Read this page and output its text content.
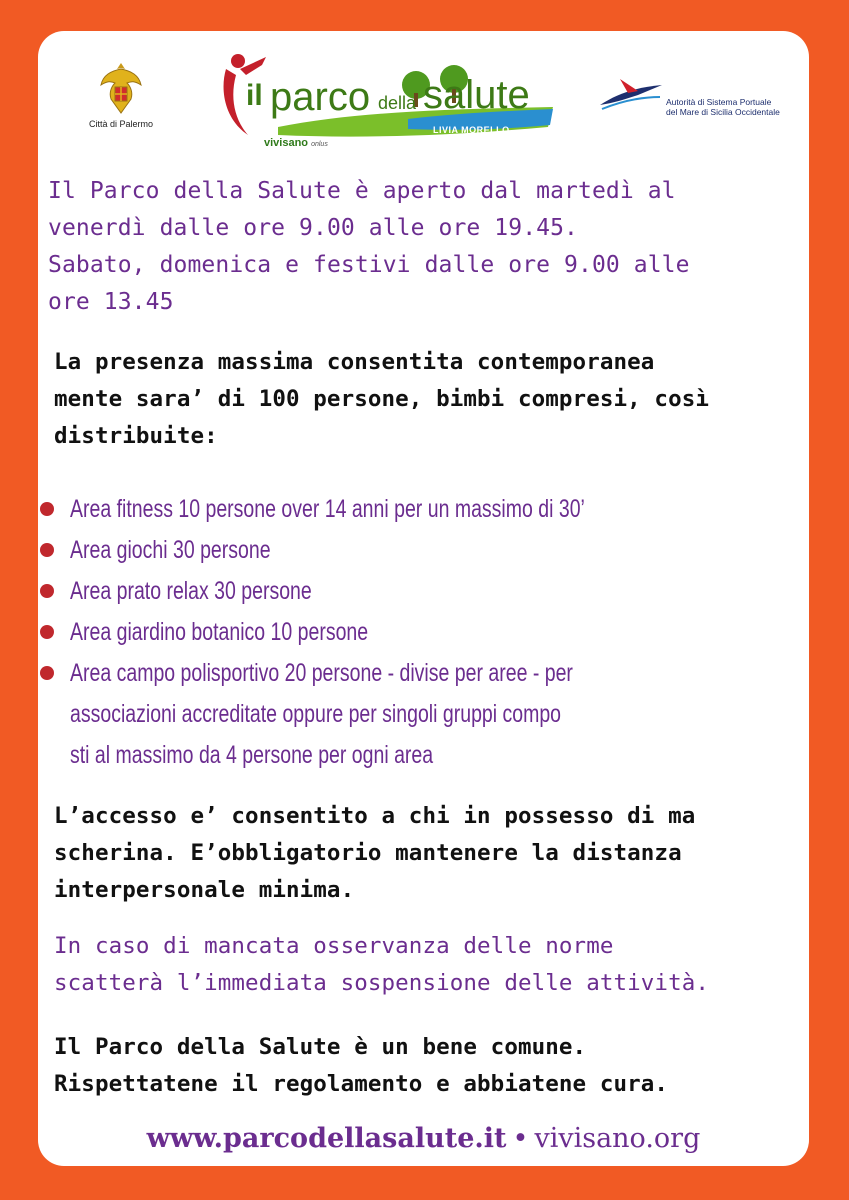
Città di Palermo
il parco della salute
LIVIA MORELLO
vivisano onlus
Autorità di Sistema Portuale
del Mare di Sicilia Occidentale

Il Parco della Salute è aperto dal martedì al
venerdì dalle ore 9.00 alle ore 19.45.
Sabato, domenica e festivi dalle ore 9.00 alle
ore 13.45

La presenza massima consentita contemporanea
mente sara’ di 100 persone, bimbi compresi, così
distribuite:

Area fitness 10 persone over 14 anni per un massimo di 30’
Area giochi 30 persone
Area prato relax 30 persone
Area giardino botanico 10 persone
Area campo polisportivo 20 persone - divise per aree - per
associazioni accreditate oppure per singoli gruppi compo
sti al massimo da 4 persone per ogni area

L’accesso e’ consentito a chi in possesso di ma
scherina. E’obbligatorio mantenere la distanza
interpersonale minima.

In caso di mancata osservanza delle norme
scatterà l’immediata sospensione delle attività.

Il Parco della Salute è un bene comune.
Rispettatene il regolamento e abbiatene cura.

www.parcodellasalute.it • vivisano.org
